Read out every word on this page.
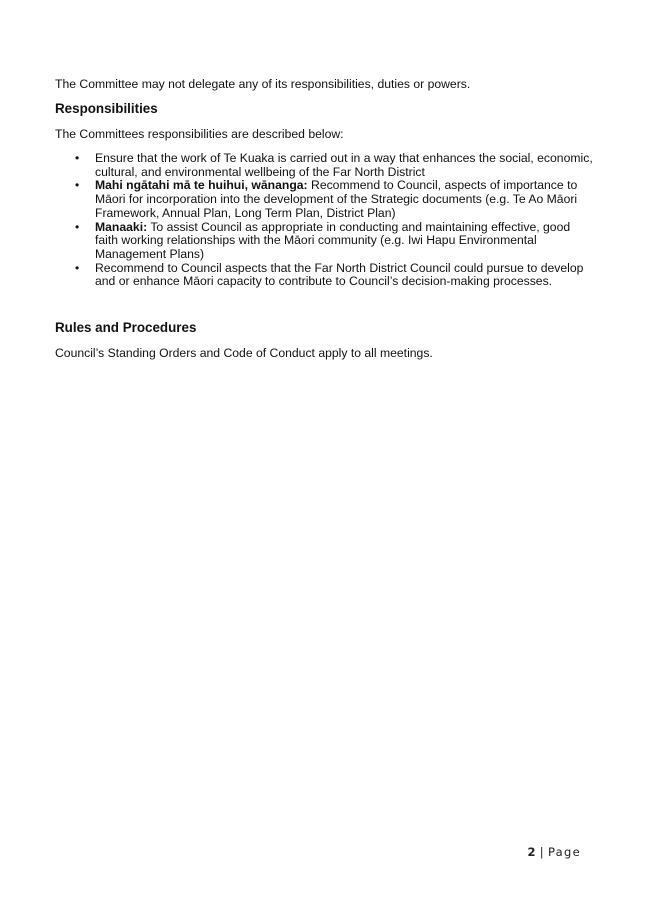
The Committee may not delegate any of its responsibilities, duties or powers.

Responsibilities

The Committees responsibilities are described below:

• Ensure that the work of Te Kuaka is carried out in a way that enhances the social, economic,
cultural, and environmental wellbeing of the Far North District
• Mahi ngātahi mā te huihui, wānanga: Recommend to Council, aspects of importance to
Māori for incorporation into the development of the Strategic documents (e.g. Te Ao Māori
Framework, Annual Plan, Long Term Plan, District Plan)
• Manaaki: To assist Council as appropriate in conducting and maintaining effective, good
faith working relationships with the Māori community (e.g. Iwi Hapu Environmental
Management Plans)
• Recommend to Council aspects that the Far North District Council could pursue to develop
and or enhance Māori capacity to contribute to Council’s decision-making processes.
Rules and Procedures

Council’s Standing Orders and Code of Conduct apply to all meetings.

2 | Page
